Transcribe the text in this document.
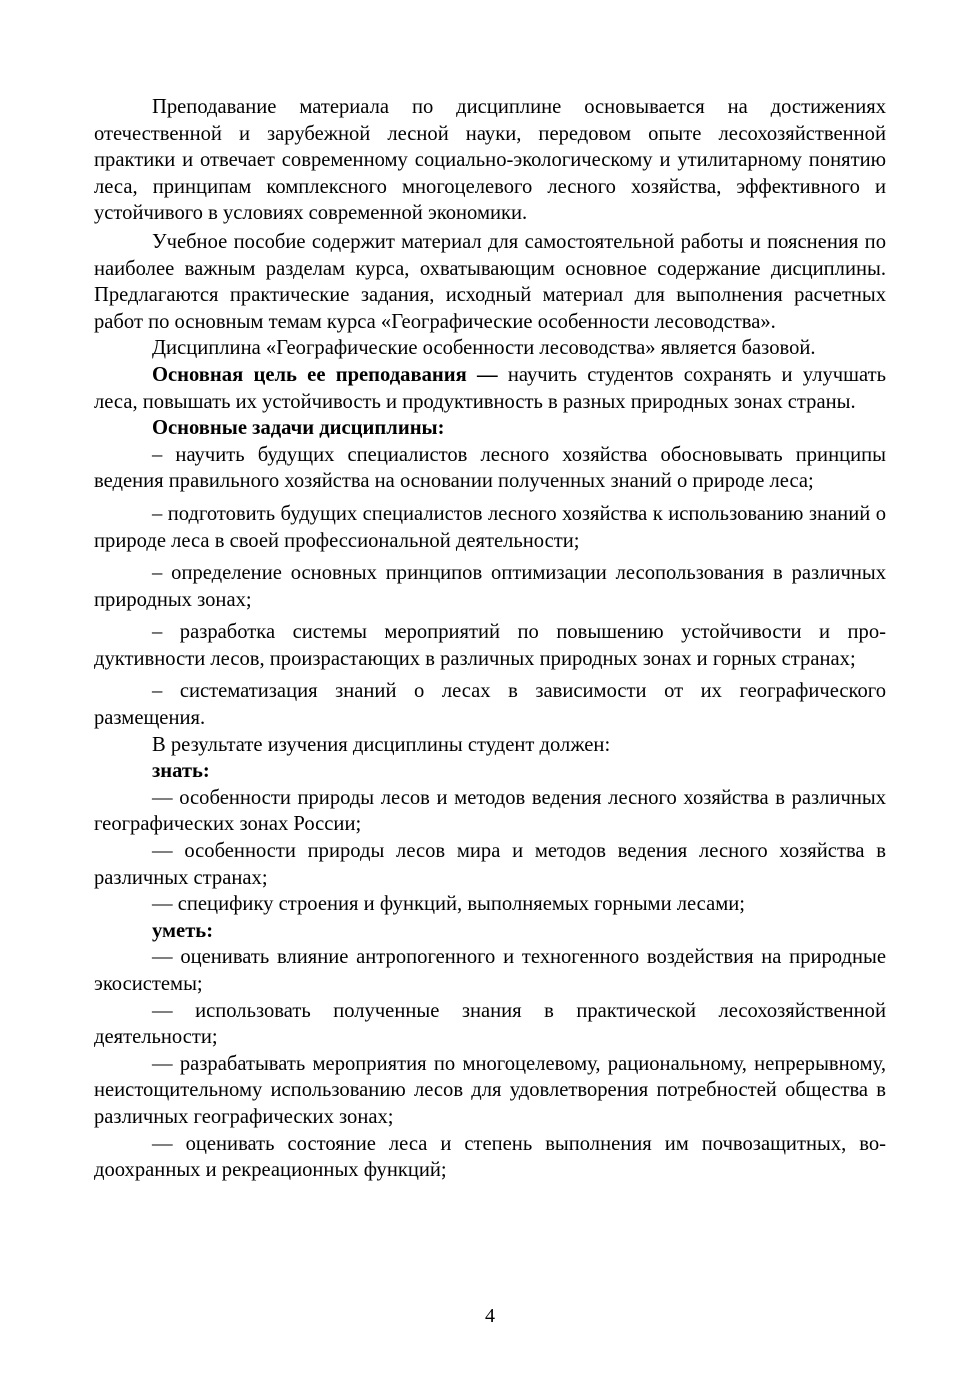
Преподавание материала по дисциплине основывается на достижениях отечественной и зарубежной лесной науки, передовом опыте лесохозяйственной практики и отвечает современному социально-экологическому и утилитарному понятию леса, принципам комплексного многоцелевого лесного хозяйства, эффективного и устойчивого в условиях современной экономики.

Учебное пособие содержит материал для самостоятельной работы и пояснения по наиболее важным разделам курса, охватывающим основное содержание дисциплины. Предлагаются практические задания, исходный материал для выполнения расчетных работ по основным темам курса «Географические особенности лесоводства».

Дисциплина «Географические особенности лесоводства» является базовой.

Основная цель ее преподавания — научить студентов сохранять и улучшать леса, повышать их устойчивость и продуктивность в разных природных зонах страны.

Основные задачи дисциплины:

– научить будущих специалистов лесного хозяйства обосновывать принципы ведения правильного хозяйства на основании полученных знаний о природе леса;

– подготовить будущих специалистов лесного хозяйства к использованию знаний о природе леса в своей профессиональной деятельности;

– определение основных принципов оптимизации лесопользования в различных природных зонах;

– разработка системы мероприятий по повышению устойчивости и продуктивности лесов, произрастающих в различных природных зонах и горных странах;

– систематизация знаний о лесах в зависимости от их географического размещения.

В результате изучения дисциплины студент должен:

знать:

— особенности природы лесов и методов ведения лесного хозяйства в различных географических зонах России;

— особенности природы лесов мира и методов ведения лесного хозяйства в различных странах;

— специфику строения и функций, выполняемых горными лесами;

уметь:

— оценивать влияние антропогенного и техногенного воздействия на природные экосистемы;

— использовать полученные знания в практической лесохозяйственной деятельности;

— разрабатывать мероприятия по многоцелевому, рациональному, непрерывному, неистощительному использованию лесов для удовлетворения потребностей общества в различных географических зонах;

— оценивать состояние леса и степень выполнения им почвозащитных, водоохранных и рекреационных функций;

4
